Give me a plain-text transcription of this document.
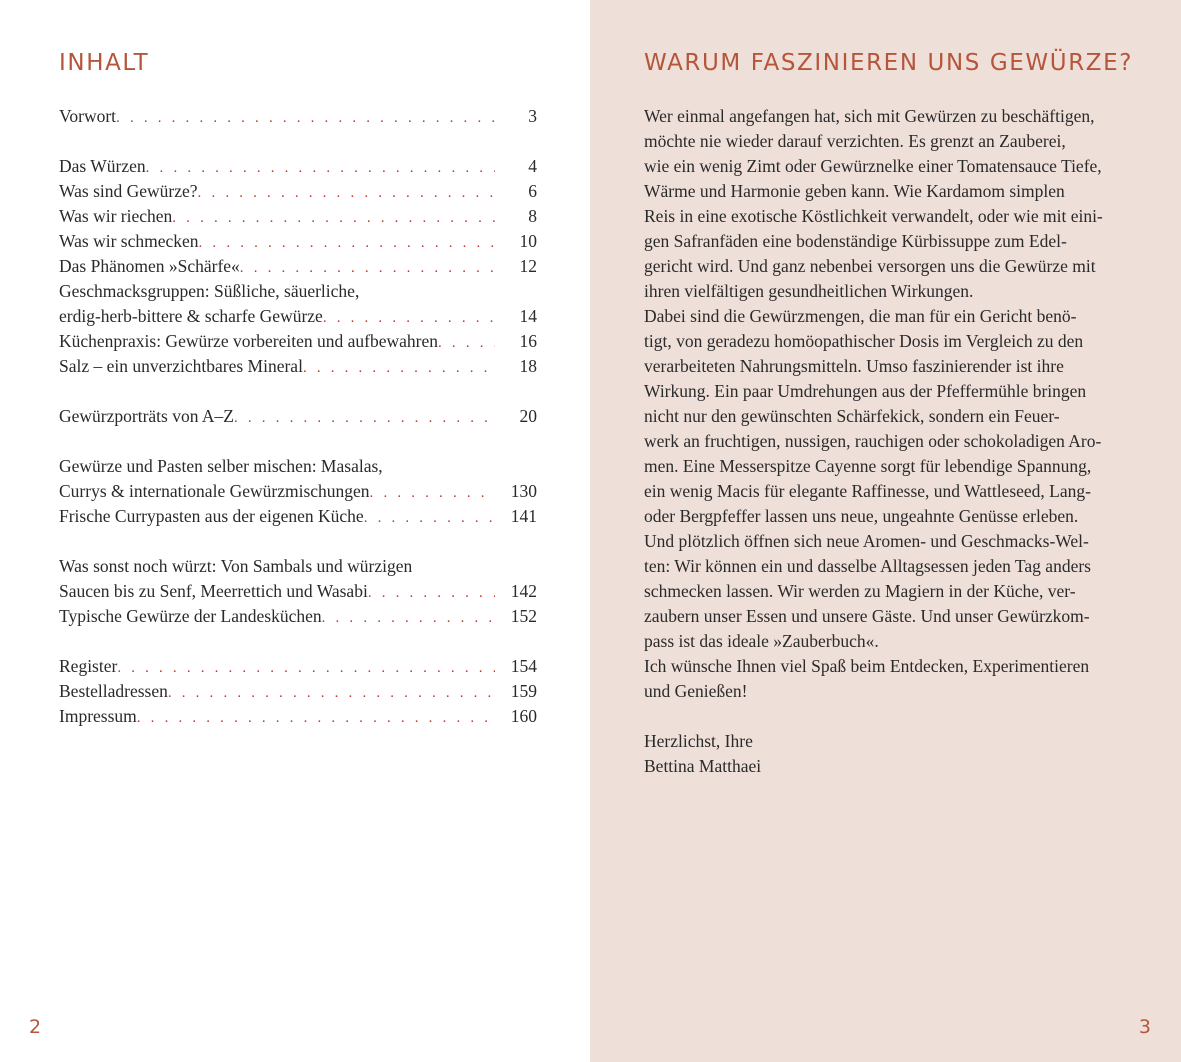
INHALT
Vorwort . . .	3
Das Würzen . . .	4
Was sind Gewürze? . . .	6
Was wir riechen . . .	8
Was wir schmecken . . .	10
Das Phänomen »Schärfe« . . .	12
Geschmacksgruppen: Süßliche, säuerliche,
erdig-herb-bittere & scharfe Gewürze . . .	14
Küchenpraxis: Gewürze vorbereiten und aufbewahren . . .	16
Salz – ein unverzichtbares Mineral . . .	18
Gewürzporträts von A–Z . . .	20
Gewürze und Pasten selber mischen: Masalas,
Currys & internationale Gewürzmischungen . . .	130
Frische Currypasten aus der eigenen Küche . . .	141
Was sonst noch würzt: Von Sambals und würzigen
Saucen bis zu Senf, Meerrettich und Wasabi . . .	142
Typische Gewürze der Landesküchen . . .	152
Register . . .	154
Bestelladressen . . .	159
Impressum . . .	160
2
WARUM FASZINIEREN UNS GEWÜRZE?

Wer einmal angefangen hat, sich mit Gewürzen zu beschäftigen,
möchte nie wieder darauf verzichten. Es grenzt an Zauberei,
wie ein wenig Zimt oder Gewürznelke einer Tomatensauce Tiefe,
Wärme und Harmonie geben kann. Wie Kardamom simplen
Reis in eine exotische Köstlichkeit verwandelt, oder wie mit eini-
gen Safranfäden eine bodenständige Kürbissuppe zum Edel-
gericht wird. Und ganz nebenbei versorgen uns die Gewürze mit
ihren vielfältigen gesundheitlichen Wirkungen.

Dabei sind die Gewürzmengen, die man für ein Gericht benö-
tigt, von geradezu homöopathischer Dosis im Vergleich zu den
verarbeiteten Nahrungsmitteln. Umso faszinierender ist ihre
Wirkung. Ein paar Umdrehungen aus der Pfeffermühle bringen
nicht nur den gewünschten Schärfekick, sondern ein Feuer-
werk an fruchtigen, nussigen, rauchigen oder schokoladigen Aro-
men. Eine Messerspitze Cayenne sorgt für lebendige Spannung,
ein wenig Macis für elegante Raffinesse, und Wattleseed, Lang-
oder Bergpfeffer lassen uns neue, ungeahnte Genüsse erleben.

Und plötzlich öffnen sich neue Aromen- und Geschmacks-Wel-
ten: Wir können ein und dasselbe Alltagsessen jeden Tag anders
schmecken lassen. Wir werden zu Magiern in der Küche, ver-
zaubern unser Essen und unsere Gäste. Und unser Gewürzkom-
pass ist das ideale »Zauberbuch«.

Ich wünsche Ihnen viel Spaß beim Entdecken, Experimentieren
und Genießen!

Herzlichst, Ihre

Bettina Matthaei

3
